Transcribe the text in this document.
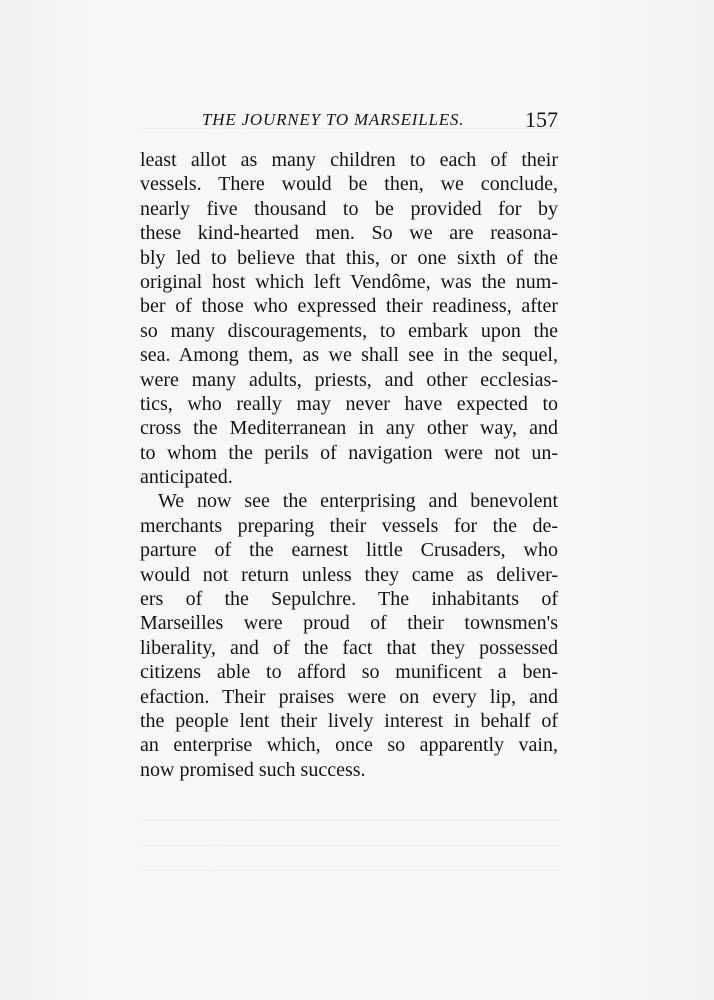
THE JOURNEY TO MARSEILLES.	157
least allot as many children to each of their
vessels. There would be then, we conclude,
nearly five thousand to be provided for by
these kind-hearted men. So we are reasona-
bly led to believe that this, or one sixth of the
original host which left Vendôme, was the num-
ber of those who expressed their readiness, after
so many discouragements, to embark upon the
sea. Among them, as we shall see in the sequel,
were many adults, priests, and other ecclesias-
tics, who really may never have expected to
cross the Mediterranean in any other way, and
to whom the perils of navigation were not un-
anticipated.
We now see the enterprising and benevolent
merchants preparing their vessels for the de-
parture of the earnest little Crusaders, who
would not return unless they came as deliver-
ers of the Sepulchre. The inhabitants of
Marseilles were proud of their townsmen's
liberality, and of the fact that they possessed
citizens able to afford so munificent a ben-
efaction. Their praises were on every lip, and
the people lent their lively interest in behalf of
an enterprise which, once so apparently vain,
now promised such success.
